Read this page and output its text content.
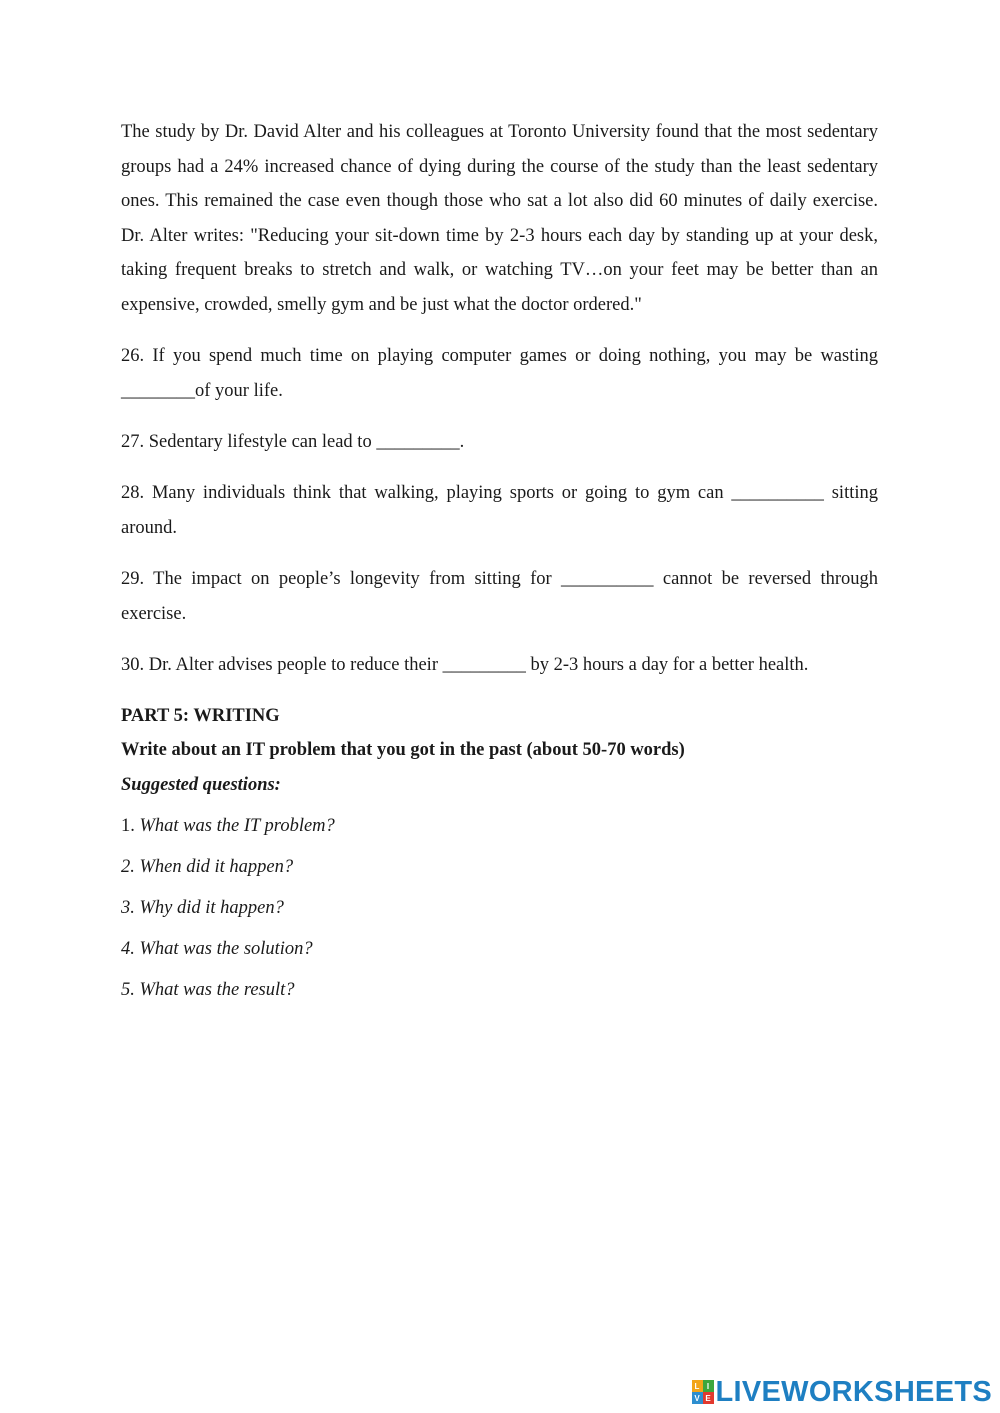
The study by Dr. David Alter and his colleagues at Toronto University found that the most sedentary groups had a 24% increased chance of dying during the course of the study than the least sedentary ones. This remained the case even though those who sat a lot also did 60 minutes of daily exercise. Dr. Alter writes: "Reducing your sit-down time by 2-3 hours each day by standing up at your desk, taking frequent breaks to stretch and walk, or watching TV…on your feet may be better than an expensive, crowded, smelly gym and be just what the doctor ordered."

26. If you spend much time on playing computer games or doing nothing, you may be wasting ________of your life.

27. Sedentary lifestyle can lead to _________.

28. Many individuals think that walking, playing sports or going to gym can __________ sitting around.

29. The impact on people’s longevity from sitting for __________ cannot be reversed through exercise.

30. Dr. Alter advises people to reduce their _________ by 2-3 hours a day for a better health.

PART 5: WRITING

Write about an IT problem that you got in the past (about 50-70 words)

Suggested questions:

1. What was the IT problem?

2. When did it happen?

3. Why did it happen?

4. What was the solution?

5. What was the result?

L I
V E LIVEWORKSHEETS
